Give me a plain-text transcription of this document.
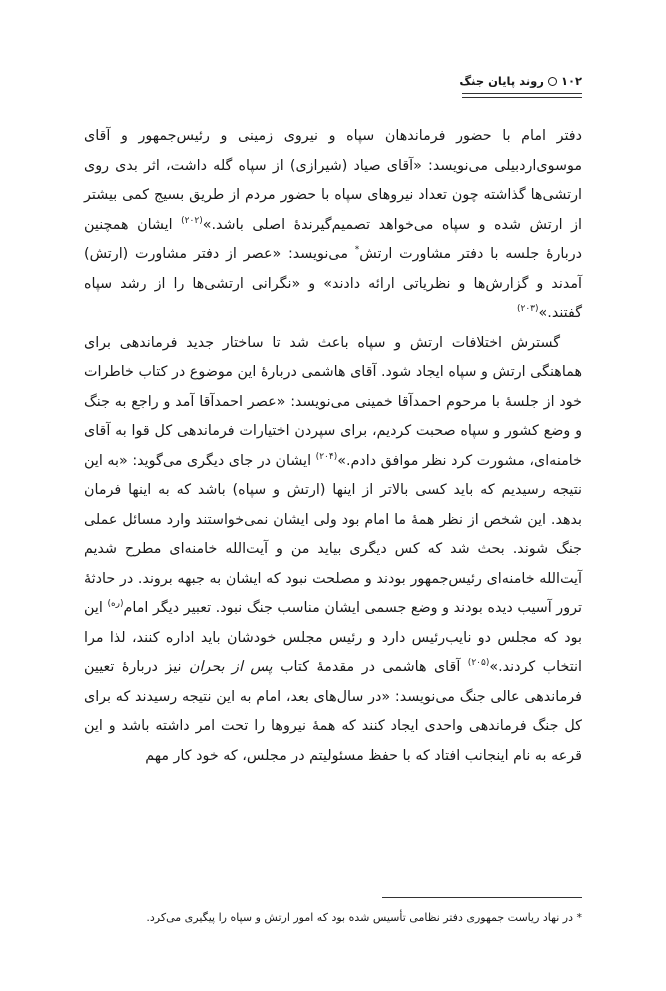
۱۰۲روند پایان جنگ

دفتر امام با حضور فرماندهان سپاه و نیروی زمینی و رئیس‌جمهور و آقای موسوی‌اردبیلی می‌نویسد: «آقای صیاد (شیرازی) از سپاه گله داشت، اثر بدی روی ارتشی‌ها گذاشته چون تعداد نیروهای سپاه با حضور مردم از طریق بسیج کمی بیشتر از ارتش شده و سپاه می‌خواهد تصمیم‌گیرندهٔ اصلی باشد.»$^{(۲۰۲)}$ ایشان همچنین دربارهٔ جلسه با دفتر مشاورت ارتش* می‌نویسد: «عصر از دفتر مشاورت (ارتش) آمدند و گزارش‌ها و نظریاتی ارائه دادند» و «نگرانی ارتشی‌ها را از رشد سپاه گفتند.»$^{(۲۰۳)}$

گسترش اختلافات ارتش و سپاه باعث شد تا ساختار جدید فرماندهی برای هماهنگی ارتش و سپاه ایجاد شود. آقای هاشمی دربارهٔ این موضوع در کتاب خاطرات خود از جلسهٔ با مرحوم احمدآقا خمینی می‌نویسد: «عصر احمدآقا آمد و راجع به جنگ و وضع کشور و سپاه صحبت کردیم، برای سپردن اختیارات فرماندهی کل قوا به آقای خامنه‌ای، مشورت کرد نظر موافق دادم.»$^{(۲۰۴)}$ ایشان در جای دیگری می‌گوید: «به این نتیجه رسیدیم که باید کسی بالاتر از اینها (ارتش و سپاه) باشد که به اینها فرمان بدهد. این شخص از نظر همهٔ ما امام بود ولی ایشان نمی‌خواستند وارد مسائل عملی جنگ شوند. بحث شد که کس دیگری بیاید من و آیت‌الله خامنه‌ای مطرح شدیم آیت‌الله خامنه‌ای رئیس‌جمهور بودند و مصلحت نبود که ایشان به جبهه بروند. در حادثهٔ ترور آسیب دیده بودند و وضع جسمی ایشان مناسب جنگ نبود. تعبیر دیگر امام$^{(ره)}$ این بود که مجلس دو نایب‌رئیس دارد و رئیس مجلس خودشان باید اداره کنند، لذا مرا انتخاب کردند.»$^{(۲۰۵)}$ آقای هاشمی در مقدمهٔ کتاب پس از بحران نیز دربارهٔ تعیین فرماندهی عالی جنگ می‌نویسد: «در سال‌های بعد، امام به این نتیجه رسیدند که برای کل جنگ فرماندهی واحدی ایجاد کنند که همهٔ نیروها را تحت امر داشته باشد و این قرعه به نام اینجانب افتاد که با حفظ مسئولیتم در مجلس، که خود کار مهم

* در نهاد ریاست جمهوری دفتر نظامی تأسیس شده بود که امور ارتش و سپاه را پیگیری می‌کرد.
